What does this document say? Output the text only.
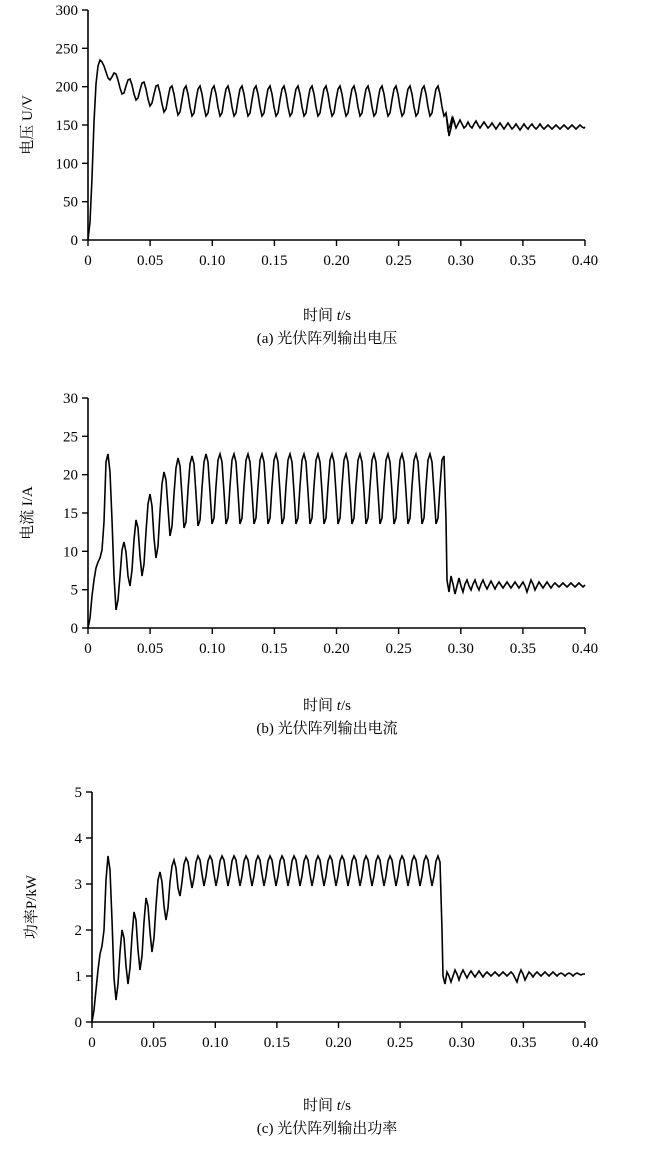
0
50
100
150
200
250
300
0	0.05 0.10 0.15 0.20 0.25 0.30 0.35 0.40
电压 U/V
时间 t/s
(a) 光伏阵列输出电压
0
5
10
15
20
25
30
0	0.05 0.10 0.15 0.20 0.25 0.30 0.35 0.40
电流 I/A
时间 t/s
(b) 光伏阵列输出电流
0
1
2
3
4
5
0	0.05 0.10 0.15 0.20 0.25 0.30 0.35 0.40
功率P/kW
时间 t/s
(c) 光伏阵列输出功率
